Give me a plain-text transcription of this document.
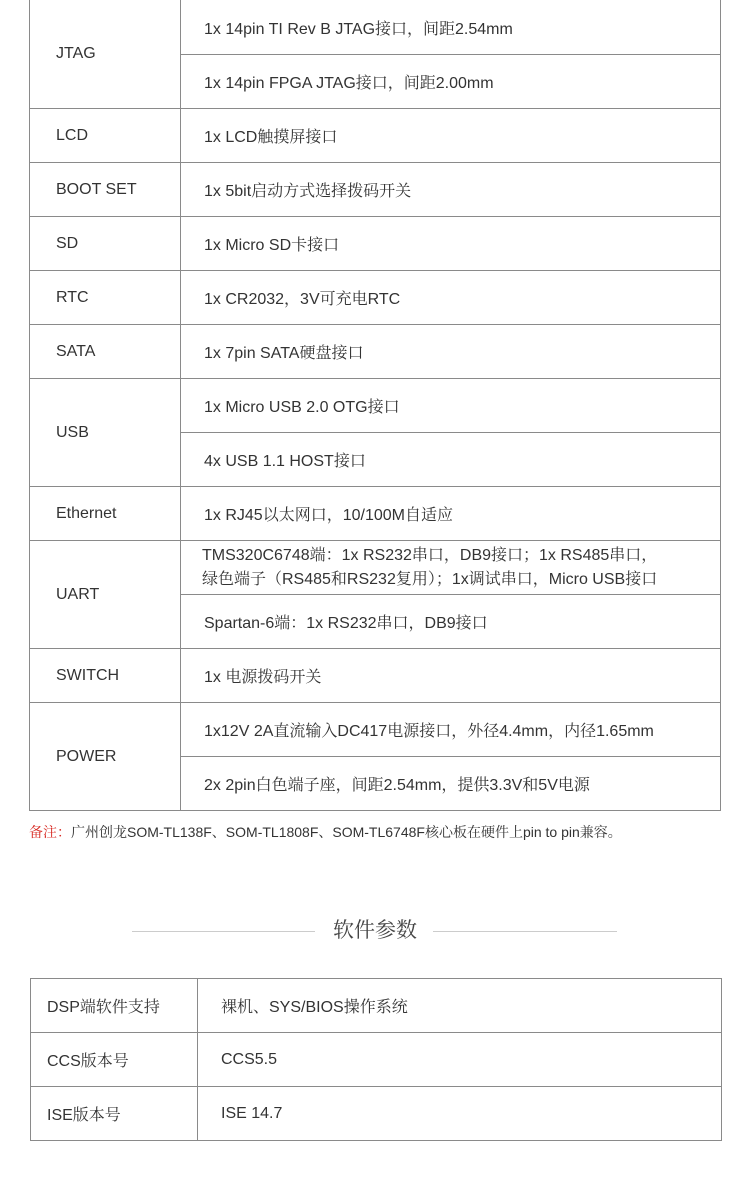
JTAG	1x 14pin TI Rev B JTAG接口，间距2.54mm
	1x 14pin FPGA JTAG接口，间距2.00mm
LCD	1x LCD触摸屏接口
BOOT SET	1x 5bit启动方式选择拨码开关
SD	1x Micro SD卡接口
RTC	1x CR2032，3V可充电RTC
SATA	1x 7pin SATA硬盘接口
USB	1x Micro USB 2.0 OTG接口
	4x USB 1.1 HOST接口
Ethernet	1x RJ45以太网口，10/100M自适应
UART	TMS320C6748端：1x RS232串口，DB9接口；1x RS485串口，
绿色端子（RS485和RS232复用）；1x调试串口，Micro USB接口
	Spartan-6端：1x RS232串口，DB9接口
SWITCH	1x 电源拨码开关
POWER	1x12V 2A直流输入DC417电源接口，外径4.4mm，内径1.65mm
	2x 2pin白色端子座，间距2.54mm，提供3.3V和5V电源
备注：广州创龙SOM-TL138F、SOM-TL1808F、SOM-TL6748F核心板在硬件上pin to pin兼容。
软件参数
DSP端软件支持	裸机、SYS/BIOS操作系统
CCS版本号	CCS5.5
ISE版本号	ISE 14.7
